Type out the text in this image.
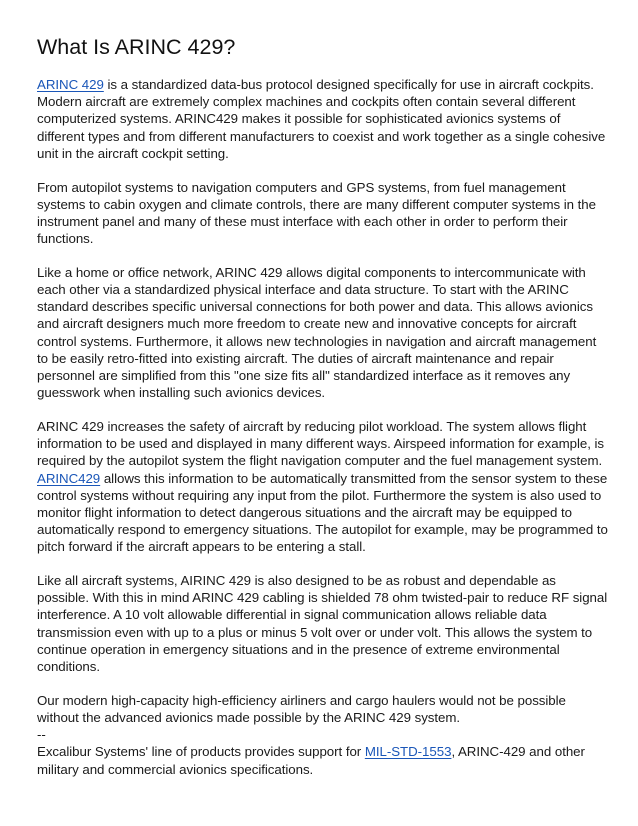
What Is ARINC 429?

ARINC 429 is a standardized data-bus protocol designed specifically for use in aircraft cockpits. Modern aircraft are extremely complex machines and cockpits often contain several different computerized systems. ARINC429 makes it possible for sophisticated avionics systems of different types and from different manufacturers to coexist and work together as a single cohesive unit in the aircraft cockpit setting.

From autopilot systems to navigation computers and GPS systems, from fuel management systems to cabin oxygen and climate controls, there are many different computer systems in the instrument panel and many of these must interface with each other in order to perform their functions.

Like a home or office network, ARINC 429 allows digital components to intercommunicate with each other via a standardized physical interface and data structure. To start with the ARINC standard describes specific universal connections for both power and data. This allows avionics and aircraft designers much more freedom to create new and innovative concepts for aircraft control systems. Furthermore, it allows new technologies in navigation and aircraft management to be easily retro-fitted into existing aircraft. The duties of aircraft maintenance and repair personnel are simplified from this "one size fits all" standardized interface as it removes any guesswork when installing such avionics devices.

ARINC 429 increases the safety of aircraft by reducing pilot workload. The system allows flight information to be used and displayed in many different ways. Airspeed information for example, is required by the autopilot system the flight navigation computer and the fuel management system. ARINC429 allows this information to be automatically transmitted from the sensor system to these control systems without requiring any input from the pilot. Furthermore the system is also used to monitor flight information to detect dangerous situations and the aircraft may be equipped to automatically respond to emergency situations. The autopilot for example, may be programmed to pitch forward if the aircraft appears to be entering a stall.

Like all aircraft systems, AIRINC 429 is also designed to be as robust and dependable as possible. With this in mind ARINC 429 cabling is shielded 78 ohm twisted-pair to reduce RF signal interference. A 10 volt allowable differential in signal communication allows reliable data transmission even with up to a plus or minus 5 volt over or under volt. This allows the system to continue operation in emergency situations and in the presence of extreme environmental conditions.

Our modern high-capacity high-efficiency airliners and cargo haulers would not be possible without the advanced avionics made possible by the ARINC 429 system.

--

Excalibur Systems' line of products provides support for MIL-STD-1553, ARINC-429 and other military and commercial avionics specifications.
